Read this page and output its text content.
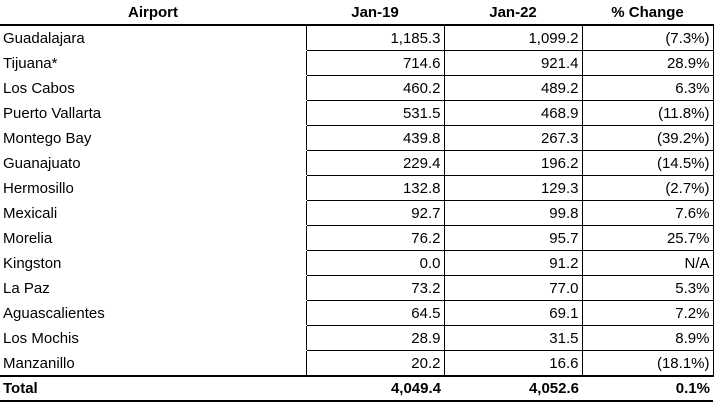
Airport	Jan-19	Jan-22	% Change
Guadalajara	1,185.3	1,099.2	(7.3%)
Tijuana*	714.6	921.4	28.9%
Los Cabos	460.2	489.2	6.3%
Puerto Vallarta	531.5	468.9	(11.8%)
Montego Bay	439.8	267.3	(39.2%)
Guanajuato	229.4	196.2	(14.5%)
Hermosillo	132.8	129.3	(2.7%)
Mexicali	92.7	99.8	7.6%
Morelia	76.2	95.7	25.7%
Kingston	0.0	91.2	N/A
La Paz	73.2	77.0	5.3%
Aguascalientes	64.5	69.1	7.2%
Los Mochis	28.9	31.5	8.9%
Manzanillo	20.2	16.6	(18.1%)
Total	4,049.4	4,052.6	0.1%
